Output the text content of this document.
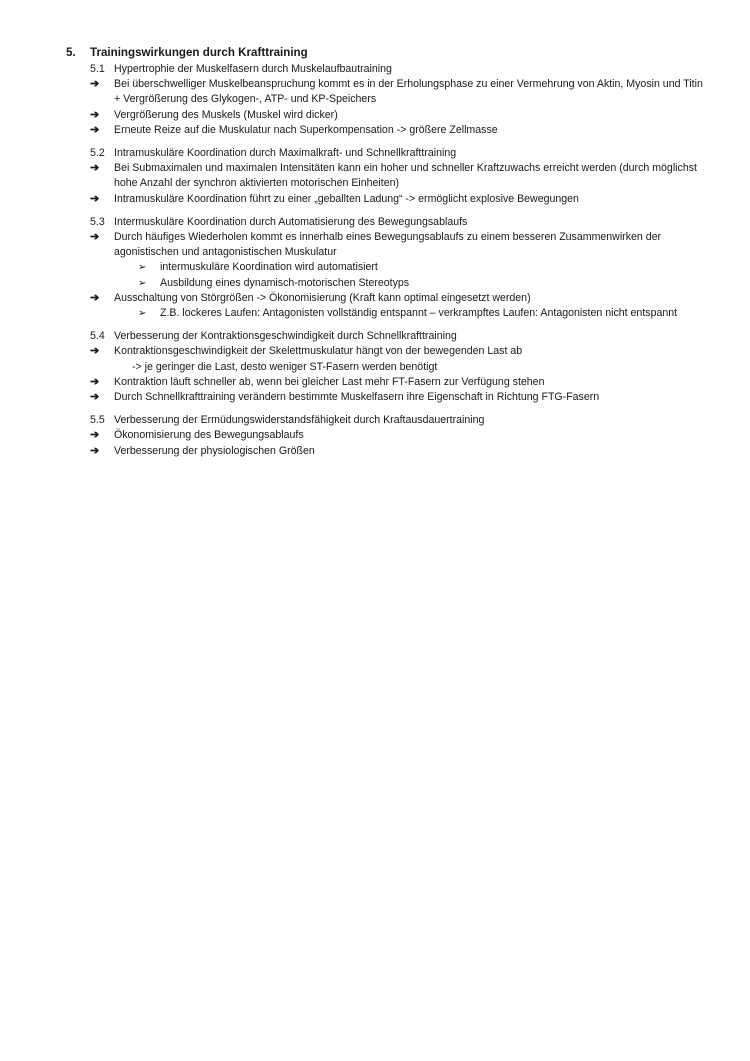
5.	Trainingswirkungen durch Krafttraining
5.1 Hypertrophie der Muskelfasern durch Muskelaufbautraining
➔	Bei überschwelliger Muskelbeanspruchung kommt es in der Erholungsphase zu einer Vermehrung von Aktin, Myosin und Titin + Vergrößerung des Glykogen-, ATP- und KP-Speichers
➔	Vergrößerung des Muskels (Muskel wird dicker)
➔	Erneute Reize auf die Muskulatur nach Superkompensation -> größere Zellmasse
5.2 Intramuskuläre Koordination durch Maximalkraft- und Schnellkrafttraining
➔	Bei Submaximalen und maximalen Intensitäten kann ein hoher und schneller Kraftzuwachs erreicht werden (durch möglichst hohe Anzahl der synchron aktivierten motorischen Einheiten)
➔	Intramuskuläre Koordination führt zu einer „geballten Ladung“ -> ermöglicht explosive Bewegungen
5.3 Intermuskuläre Koordination durch Automatisierung des Bewegungsablaufs
➔	Durch häufiges Wiederholen kommt es innerhalb eines Bewegungsablaufs zu einem besseren Zusammenwirken der agonistischen und antagonistischen Muskulatur
➢	intermuskuläre Koordination wird automatisiert
➢	Ausbildung eines dynamisch-motorischen Stereotyps
➔	Ausschaltung von Störgrößen -> Ökonomisierung (Kraft kann optimal eingesetzt werden)
➢	Z.B. lockeres Laufen: Antagonisten vollständig entspannt – verkrampftes Laufen: Antagonisten nicht entspannt
5.4 Verbesserung der Kontraktionsgeschwindigkeit durch Schnellkrafttraining
➔	Kontraktionsgeschwindigkeit der Skelettmuskulatur hängt von der bewegenden Last ab
-> je geringer die Last, desto weniger ST-Fasern werden benötigt
➔	Kontraktion läuft schneller ab, wenn bei gleicher Last mehr FT-Fasern zur Verfügung stehen
➔	Durch Schnellkrafttraining verändern bestimmte Muskelfasern ihre Eigenschaft in Richtung FTG-Fasern
5.5 Verbesserung der Ermüdungswiderstandsfähigkeit durch Kraftausdauertraining
➔	Ökonomisierung des Bewegungsablaufs
➔	Verbesserung der physiologischen Größen
